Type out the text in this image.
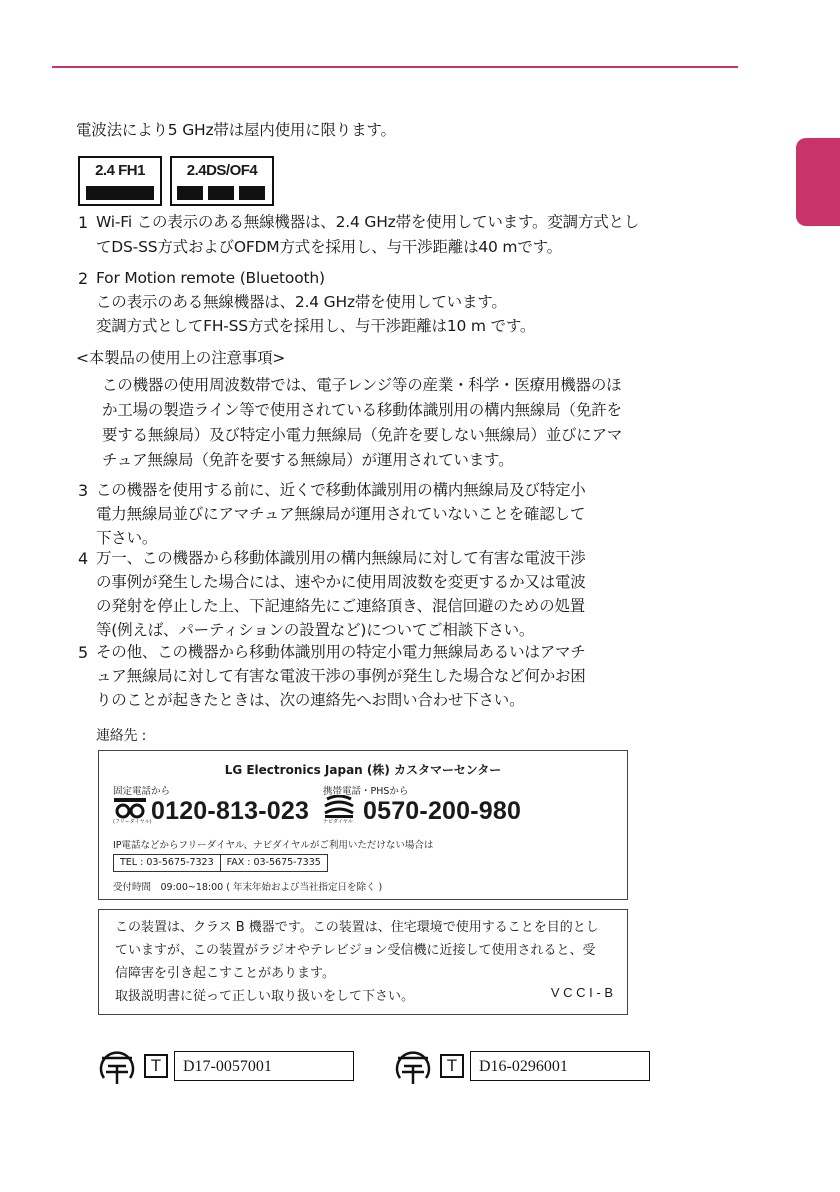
電波法により5 GHz帯は屋内使用に限ります。
2.4 FH1	2.4DS/OF4
1 Wi-Fi この表示のある無線機器は、2.4 GHz帯を使用しています。変調方式とし
てDS-SS方式およびOFDM方式を採用し、与干渉距離は40 mです。
2 For Motion remote (Bluetooth)
この表示のある無線機器は、2.4 GHz帯を使用しています。
変調方式としてFH-SS方式を採用し、与干渉距離は10 m です。
<本製品の使用上の注意事項>
この機器の使用周波数帯では、電子レンジ等の産業・科学・医療用機器のほ
か工場の製造ライン等で使用されている移動体識別用の構内無線局（免許を
要する無線局）及び特定小電力無線局（免許を要しない無線局）並びにアマ
チュア無線局（免許を要する無線局）が運用されています。
3 この機器を使用する前に、近くで移動体識別用の構内無線局及び特定小
電力無線局並びにアマチュア無線局が運用されていないことを確認して
下さい。
4 万一、この機器から移動体識別用の構内無線局に対して有害な電波干渉
の事例が発生した場合には、速やかに使用周波数を変更するか又は電波
の発射を停止した上、下記連絡先にご連絡頂き、混信回避のための処置
等(例えば、パーティションの設置など)についてご相談下さい。
5 その他、この機器から移動体識別用の特定小電力無線局あるいはアマチ
ュア無線局に対して有害な電波干渉の事例が発生した場合など何かお困
りのことが起きたときは、次の連絡先へお問い合わせ下さい。
連絡先 :
LG Electronics Japan (株) カスタマーセンター
固定電話から
(フリーダイヤル) 0120-813-023
携帯電話・PHSから
ナビダイヤル 0570-200-980
IP電話などからフリーダイヤル、ナビダイヤルがご利用いただけない場合は
TEL : 03-5675-7323	FAX : 03-5675-7335
受付時間　09:00~18:00 ( 年末年始および当社指定日を除く )
この装置は、クラス B 機器です。この装置は、住宅環境で使用することを目的とし
ていますが、この装置がラジオやテレビジョン受信機に近接して使用されると、受
信障害を引き起こすことがあります。
取扱説明書に従って正しい取り扱いをして下さい。	V C C I - B
T	D17-0057001	T	D16-0296001
